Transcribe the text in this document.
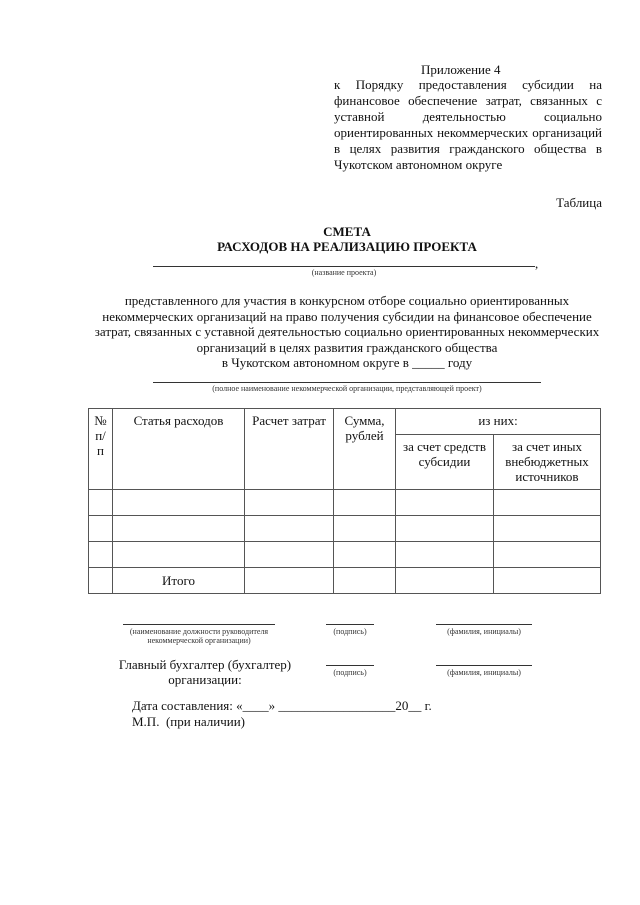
Приложение 4
к Порядку предоставления субсидии на
финансовое обеспечение затрат, связанных с
уставной деятельностью социально
ориентированных некоммерческих организаций
в целях развития гражданского общества в
Чукотском автономном округе
Таблица
СМЕТА
РАСХОДОВ НА РЕАЛИЗАЦИЮ ПРОЕКТА
,
(название проекта)
представленного для участия в конкурсном отборе социально ориентированных
некоммерческих организаций на право получения субсидии на финансовое обеспечение
затрат, связанных с уставной деятельностью социально ориентированных некоммерческих
организаций в целях развития гражданского общества
в Чукотском автономном округе в _____ году
(полное наименование некоммерческой организации, представляющей проект)
№ п/п	Статья расходов	Расчет затрат	Сумма, рублей	из них:	
				за счет средств субсидии	за счет иных внебюджетных источников

	Итого				
(наименование должности руководителя некоммерческой организации)
(подпись)	(фамилия, инициалы)
Главный бухгалтер (бухгалтер) организации:	(подпись)	(фамилия, инициалы)
Дата составления: «____» __________________20__ г.
М.П.  (при наличии)
